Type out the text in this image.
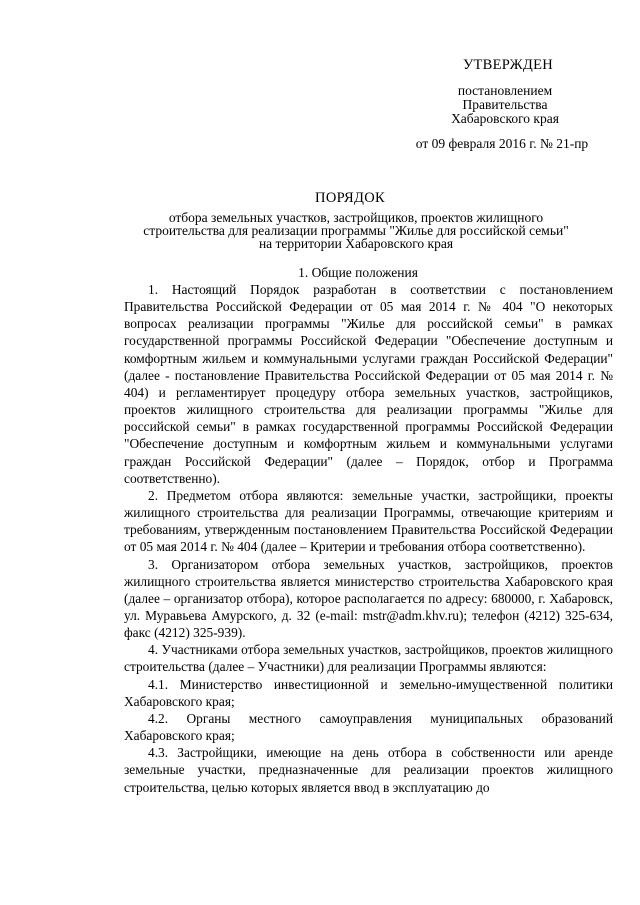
УТВЕРЖДЕН
постановлением
Правительства
Хабаровского края
от 09 февраля 2016 г. № 21-пр
ПОРЯДОК
отбора земельных участков, застройщиков, проектов жилищного строительства для реализации программы "Жилье для российской семьи" на территории Хабаровского края
1. Общие положения

1. Настоящий Порядок разработан в соответствии с постановлением Правительства Российской Федерации от 05 мая 2014 г. № 404 "О некоторых вопросах реализации программы "Жилье для российской семьи" в рамках государственной программы Российской Федерации "Обеспечение доступным и комфортным жильем и коммунальными услугами граждан Российской Федерации" (далее - постановление Правительства Российской Федерации от 05 мая 2014 г. № 404) и регламентирует процедуру отбора земельных участков, застройщиков, проектов жилищного строительства для реализации программы "Жилье для российской семьи" в рамках государственной программы Российской Федерации "Обеспечение доступным и комфортным жильем и коммунальными услугами граждан Российской Федерации" (далее – Порядок, отбор и Программа соответственно).

2. Предметом отбора являются: земельные участки, застройщики, проекты жилищного строительства для реализации Программы, отвечающие критериям и требованиям, утвержденным постановлением Правительства Российской Федерации от 05 мая 2014 г. № 404 (далее – Критерии и требования отбора соответственно).

3. Организатором отбора земельных участков, застройщиков, проектов жилищного строительства является министерство строительства Хабаровского края (далее – организатор отбора), которое располагается по адресу: 680000, г. Хабаровск, ул. Муравьева Амурского, д. 32 (e-mail: mstr@adm.khv.ru); телефон (4212) 325-634, факс (4212) 325-939).

4. Участниками отбора земельных участков, застройщиков, проектов жилищного строительства (далее – Участники) для реализации Программы являются:

4.1. Министерство инвестиционной и земельно-имущественной политики Хабаровского края;

4.2. Органы местного самоуправления муниципальных образований Хабаровского края;

4.3. Застройщики, имеющие на день отбора в собственности или аренде земельные участки, предназначенные для реализации проектов жилищного строительства, целью которых является ввод в эксплуатацию до
